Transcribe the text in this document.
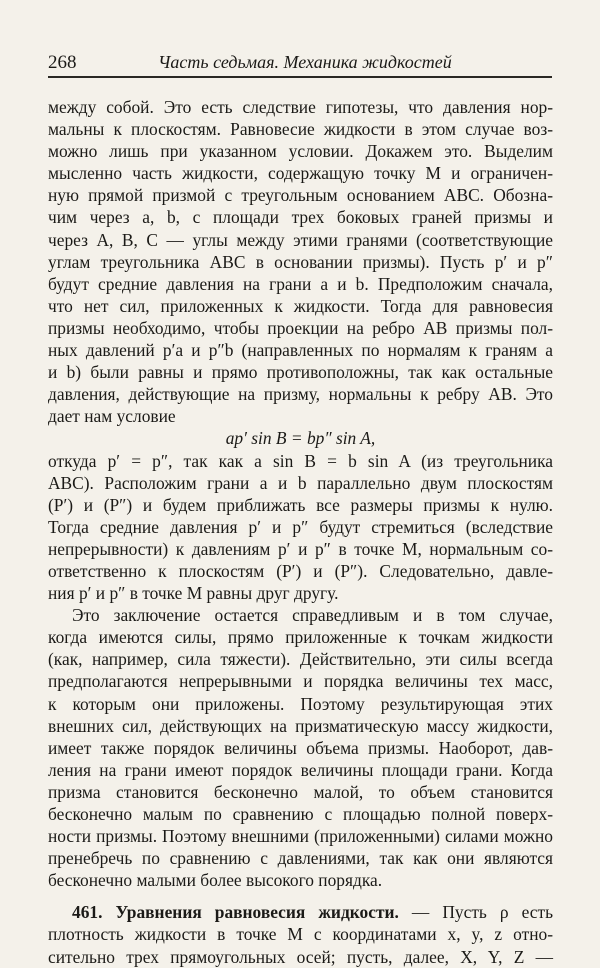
268	Часть седьмая. Механика жидкостей
между собой. Это есть следствие гипотезы, что давления нор-
мальны к плоскостям. Равновесие жидкости в этом случае воз-
можно лишь при указанном условии. Докажем это. Выделим
мысленно часть жидкости, содержащую точку M и ограничен-
ную прямой призмой с треугольным основанием ABC. Обозна-
чим через a, b, c площади трех боковых граней призмы и
через A, B, C — углы между этими гранями (соответствующие
углам треугольника ABC в основании призмы). Пусть p′ и p″
будут средние давления на грани a и b. Предположим сначала,
что нет сил, приложенных к жидкости. Тогда для равновесия
призмы необходимо, чтобы проекции на ребро AB призмы пол-
ных давлений p′a и p″b (направленных по нормалям к граням a
и b) были равны и прямо противоположны, так как остальные
давления, действующие на призму, нормальны к ребру AB. Это
дает нам условие
ap′ sin B = bp″ sin A,
откуда p′ = p″, так как a sin B = b sin A (из треугольника
ABC). Расположим грани a и b параллельно двум плоскостям
(P′) и (P″) и будем приближать все размеры призмы к нулю.
Тогда средние давления p′ и p″ будут стремиться (вследствие
непрерывности) к давлениям p′ и p″ в точке M, нормальным со-
ответственно к плоскостям (P′) и (P″). Следовательно, давле-
ния p′ и p″ в точке M равны друг другу.
Это заключение остается справедливым и в том случае,
когда имеются силы, прямо приложенные к точкам жидкости
(как, например, сила тяжести). Действительно, эти силы всегда
предполагаются непрерывными и порядка величины тех масс,
к которым они приложены. Поэтому результирующая этих
внешних сил, действующих на призматическую массу жидкости,
имеет также порядок величины объема призмы. Наоборот, дав-
ления на грани имеют порядок величины площади грани. Когда
призма становится бесконечно малой, то объем становится
бесконечно малым по сравнению с площадью полной поверх-
ности призмы. Поэтому внешними (приложенными) силами можно
пренебречь по сравнению с давлениями, так как они являются
бесконечно малыми более высокого порядка.
461. Уравнения равновесия жидкости. — Пусть ρ есть
плотность жидкости в точке M с координатами x, y, z отно-
сительно трех прямоугольных осей; пусть, далее, X, Y, Z —
